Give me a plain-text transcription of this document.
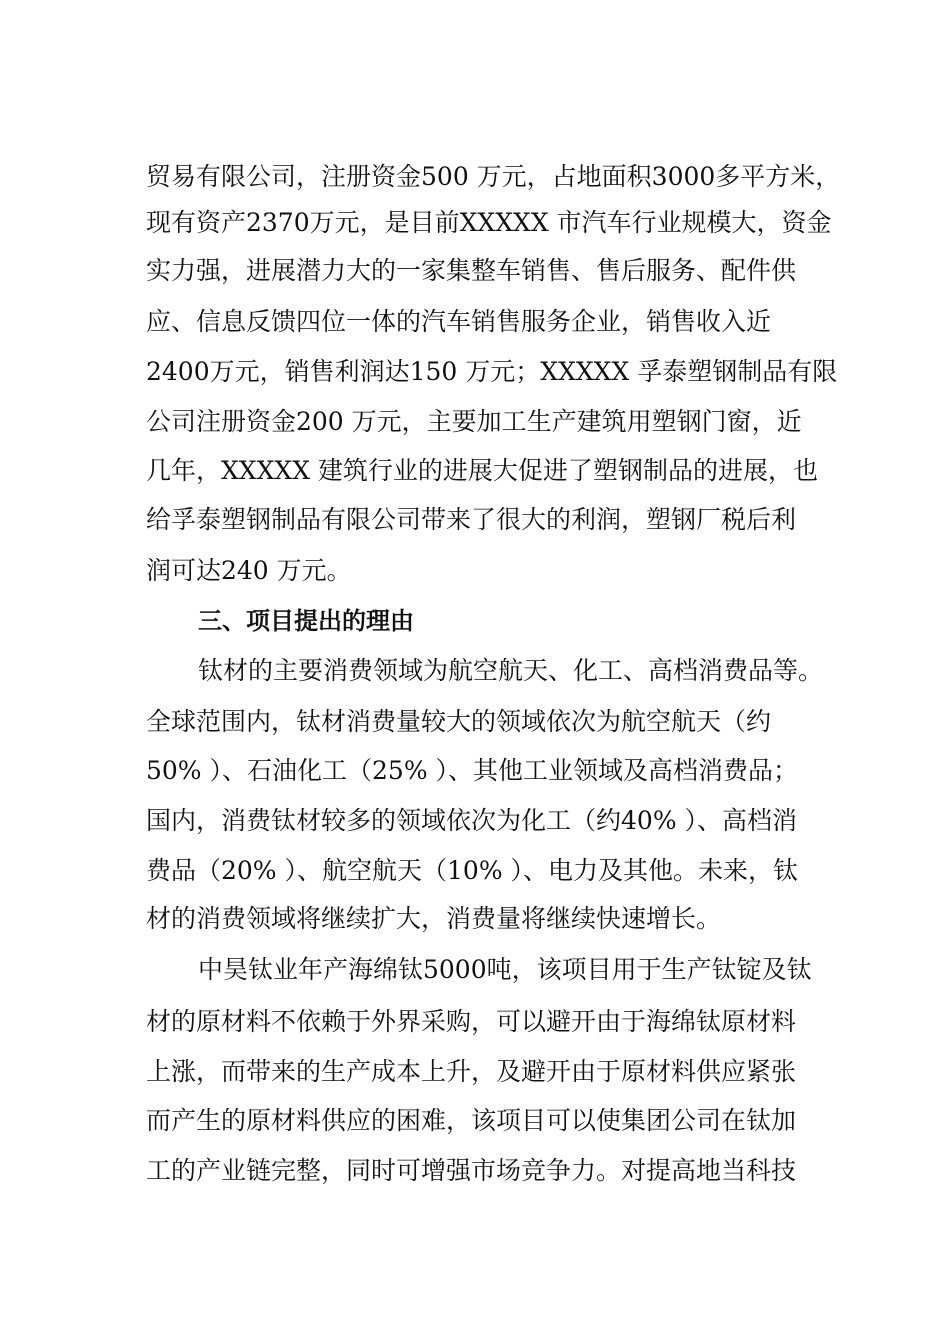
贸易有限公司，注册资金500 万元，占地面积3000多平方米，
现有资产2370万元，是目前XXXXX 市汽车行业规模大，资金
实力强，进展潜力大的一家集整车销售、售后服务、配件供
应、信息反馈四位一体的汽车销售服务企业，销售收入近
2400万元，销售利润达150 万元；XXXXX 孚泰塑钢制品有限
公司注册资金200 万元，主要加工生产建筑用塑钢门窗，近
几年，XXXXX 建筑行业的进展大促进了塑钢制品的进展，也
给孚泰塑钢制品有限公司带来了很大的利润，塑钢厂税后利
润可达240 万元。
三、项目提出的理由
钛材的主要消费领域为航空航天、化工、高档消费品等。
全球范围内，钛材消费量较大的领域依次为航空航天（约
50% ）、石油化工（25% ）、其他工业领域及高档消费品；
国内，消费钛材较多的领域依次为化工（约40% ）、高档消
费品（20% ）、航空航天（10% ）、电力及其他。未来，钛
材的消费领域将继续扩大，消费量将继续快速增长。
中昊钛业年产海绵钛5000吨，该项目用于生产钛锭及钛
材的原材料不依赖于外界采购，可以避开由于海绵钛原材料
上涨，而带来的生产成本上升，及避开由于原材料供应紧张
而产生的原材料供应的困难，该项目可以使集团公司在钛加
工的产业链完整，同时可增强市场竞争力。对提高地当科技
